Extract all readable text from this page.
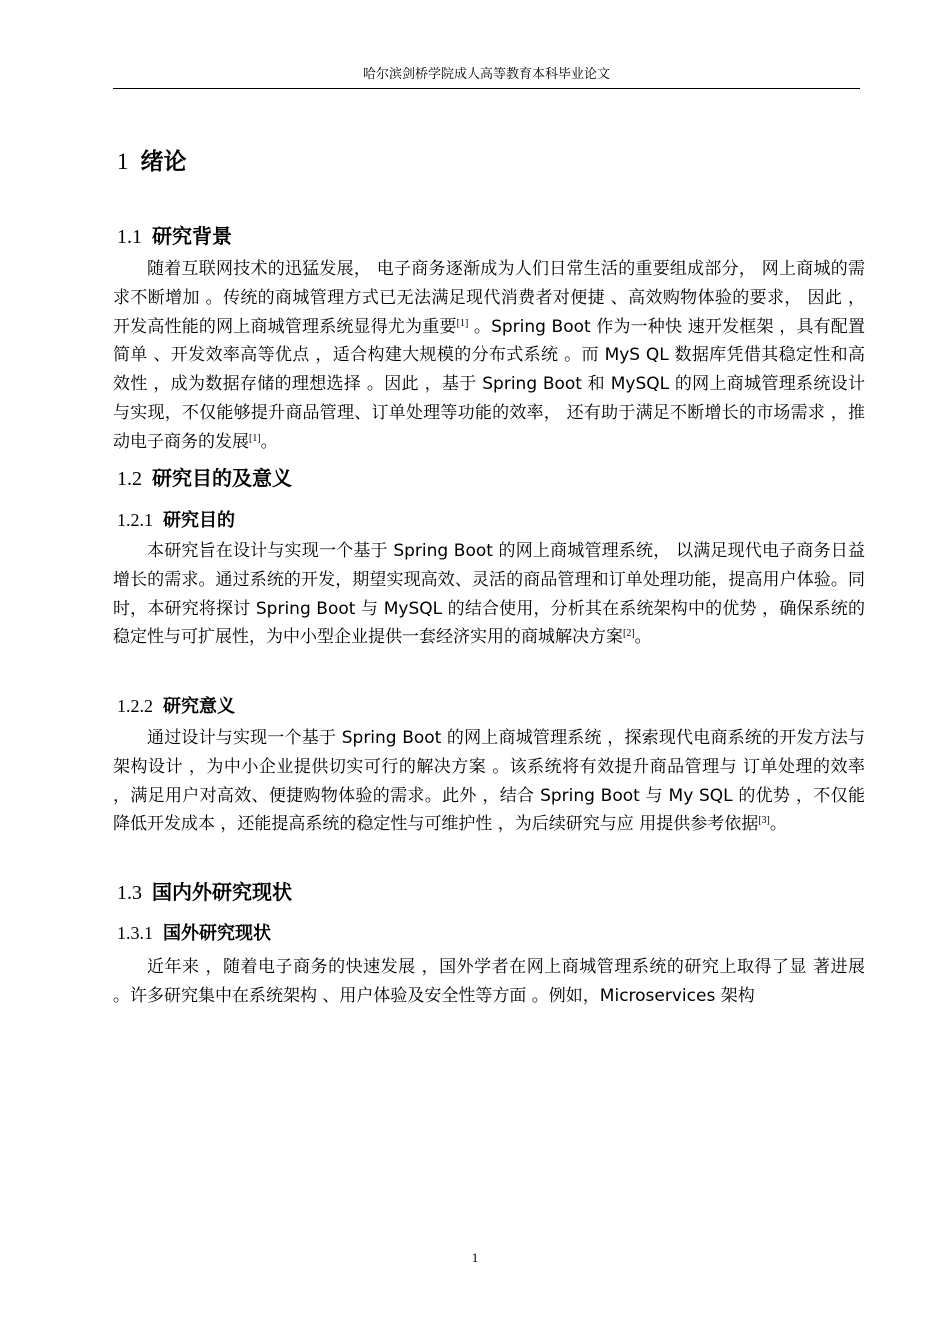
哈尔滨剑桥学院成人高等教育本科毕业论文
1 绪论
1.1 研究背景

随着互联网技术的迅猛发展， 电子商务逐渐成为人们日常生活的重要组成部分， 网上商城的需求不断增加 。传统的商城管理方式已无法满足现代消费者对便捷 、高效购物体验的要求， 因此 ，开发高性能的网上商城管理系统显得尤为重要[1] 。Spring Boot 作为一种快 速开发框架 ，具有配置简单 、开发效率高等优点 ，适合构建大规模的分布式系统 。而 MyS QL 数据库凭借其稳定性和高效性 ，成为数据存储的理想选择 。因此 ，基于 Spring Boot 和 MySQL 的网上商城管理系统设计与实现，不仅能够提升商品管理、订单处理等功能的效率， 还有助于满足不断增长的市场需求 ，推动电子商务的发展[1]。

1.2 研究目的及意义
1.2.1 研究目的

本研究旨在设计与实现一个基于 Spring Boot 的网上商城管理系统， 以满足现代电子商务日益增长的需求。通过系统的开发，期望实现高效、灵活的商品管理和订单处理功能，提高用户体验。同时，本研究将探讨 Spring Boot 与 MySQL 的结合使用，分析其在系统架构中的优势 ，确保系统的稳定性与可扩展性，为中小型企业提供一套经济实用的商城解决方案[2]。

1.2.2 研究意义

通过设计与实现一个基于 Spring Boot 的网上商城管理系统 ，探索现代电商系统的开发方法与架构设计 ，为中小企业提供切实可行的解决方案 。该系统将有效提升商品管理与 订单处理的效率 ，满足用户对高效、便捷购物体验的需求。此外 ，结合 Spring Boot 与 My SQL 的优势 ，不仅能降低开发成本 ，还能提高系统的稳定性与可维护性 ，为后续研究与应 用提供参考依据[3]。

1.3 国内外研究现状
1.3.1 国外研究现状

近年来 ，随着电子商务的快速发展 ，国外学者在网上商城管理系统的研究上取得了显 著进展 。许多研究集中在系统架构 、用户体验及安全性等方面 。例如，Microservices 架构

1
